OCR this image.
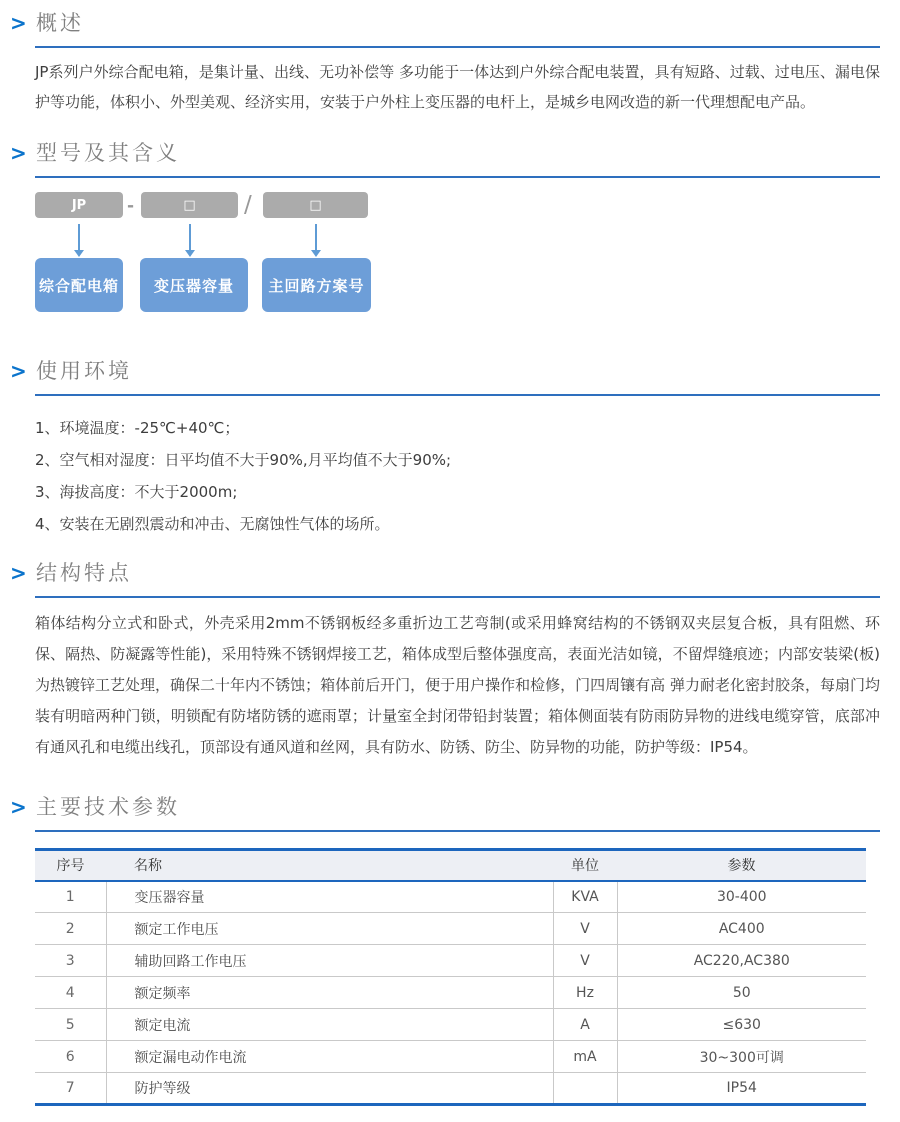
> 概述
JP系列户外综合配电箱，是集计量、出线、无功补偿等 多功能于一体达到户外综合配电装置，具有短路、过载、过电压、漏电保护等功能，体积小、外型美观、经济实用，安装于户外柱上变压器的电杆上，是城乡电网改造的新一代理想配电产品。
> 型号及其含义
JP	-	□	/	□
综合配电箱	变压器容量	主回路方案号
> 使用环境
1、环境温度：-25℃+40℃；
2、空气相对湿度：日平均值不大于90%,月平均值不大于90%;
3、海拔高度：不大于2000m;
4、安装在无剧烈震动和冲击、无腐蚀性气体的场所。
> 结构特点
箱体结构分立式和卧式，外壳采用2mm不锈钢板经多重折边工艺弯制(或采用蜂窝结构的不锈钢双夹层复合板，具有阻燃、环保、隔热、防凝露等性能)，采用特殊不锈钢焊接工艺，箱体成型后整体强度高，表面光洁如镜，不留焊缝痕迹；内部安装梁(板)为热镀锌工艺处理，确保二十年内不锈蚀；箱体前后开门，便于用户操作和检修，门四周镶有高 弹力耐老化密封胶条，每扇门均装有明暗两种门锁，明锁配有防堵防锈的遮雨罩；计量室全封闭带铅封装置；箱体侧面装有防雨防异物的进线电缆穿管，底部冲有通风孔和电缆出线孔，顶部设有通风道和丝网，具有防水、防锈、防尘、防异物的功能，防护等级：IP54。
> 主要技术参数
序号	名称	单位	参数
1	变压器容量	KVA	30-400
2	额定工作电压	V	AC400
3	辅助回路工作电压	V	AC220,AC380
4	额定频率	Hz	50
5	额定电流	A	≤630
6	额定漏电动作电流	mA	30~300可调
7	防护等级		IP54
